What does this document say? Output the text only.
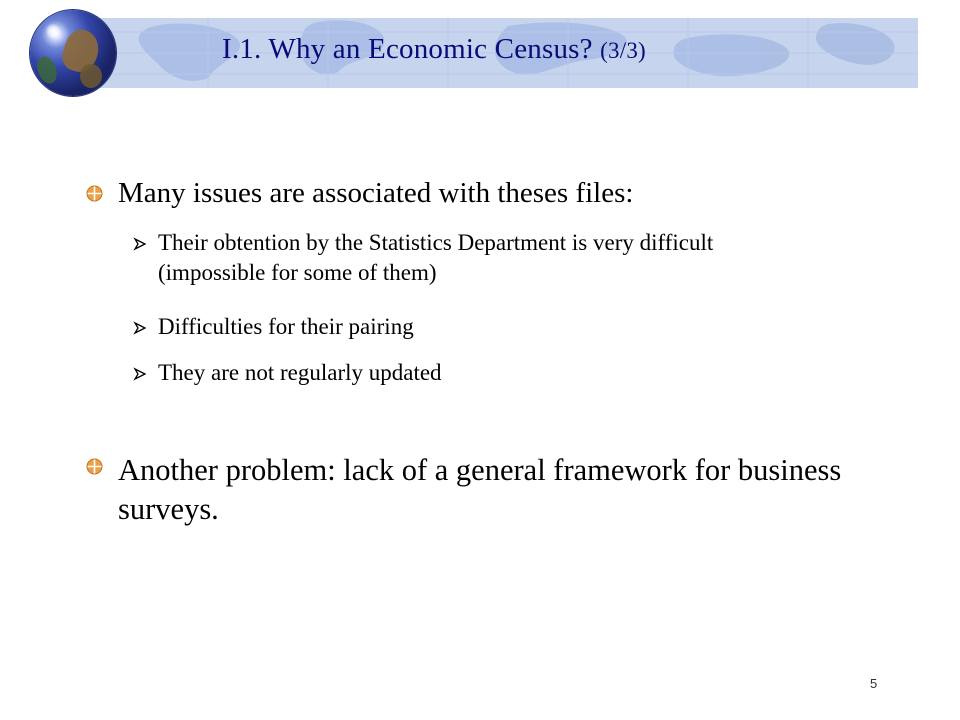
I.1. Why an Economic Census? (3/3)
Many issues are associated with theses files:
Their obtention by the Statistics Department is very difficult (impossible for some of them)
Difficulties for their pairing
They are not regularly updated
Another problem: lack of a general framework for business surveys.
5
